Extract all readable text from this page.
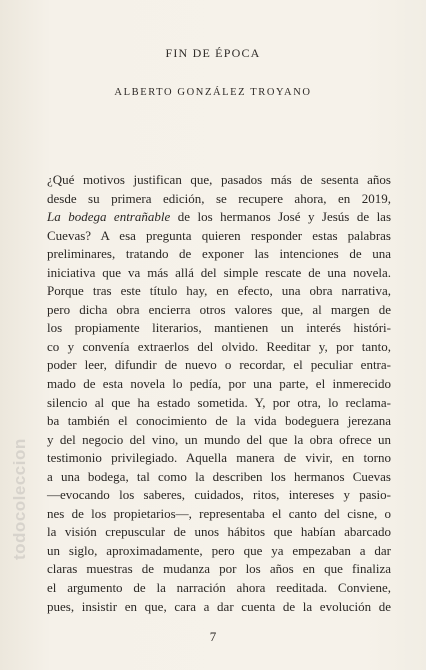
todocoleccion
FIN DE ÉPOCA
ALBERTO GONZÁLEZ TROYANO
¿Qué motivos justifican que, pasados más de sesenta años
desde su primera edición, se recupere ahora, en 2019,
La bodega entrañable de los hermanos José y Jesús de las
Cuevas? A esa pregunta quieren responder estas palabras
preliminares, tratando de exponer las intenciones de una
iniciativa que va más allá del simple rescate de una novela.
Porque tras este título hay, en efecto, una obra narrativa,
pero dicha obra encierra otros valores que, al margen de
los propiamente literarios, mantienen un interés históri-
co y convenía extraerlos del olvido. Reeditar y, por tanto,
poder leer, difundir de nuevo o recordar, el peculiar entra-
mado de esta novela lo pedía, por una parte, el inmerecido
silencio al que ha estado sometida. Y, por otra, lo reclama-
ba también el conocimiento de la vida bodeguera jerezana
y del negocio del vino, un mundo del que la obra ofrece un
testimonio privilegiado. Aquella manera de vivir, en torno
a una bodega, tal como la describen los hermanos Cuevas
—evocando los saberes, cuidados, ritos, intereses y pasio-
nes de los propietarios—, representaba el canto del cisne, o
la visión crepuscular de unos hábitos que habían abarcado
un siglo, aproximadamente, pero que ya empezaban a dar
claras muestras de mudanza por los años en que finaliza
el argumento de la narración ahora reeditada. Conviene,
pues, insistir en que, cara a dar cuenta de la evolución de
7
